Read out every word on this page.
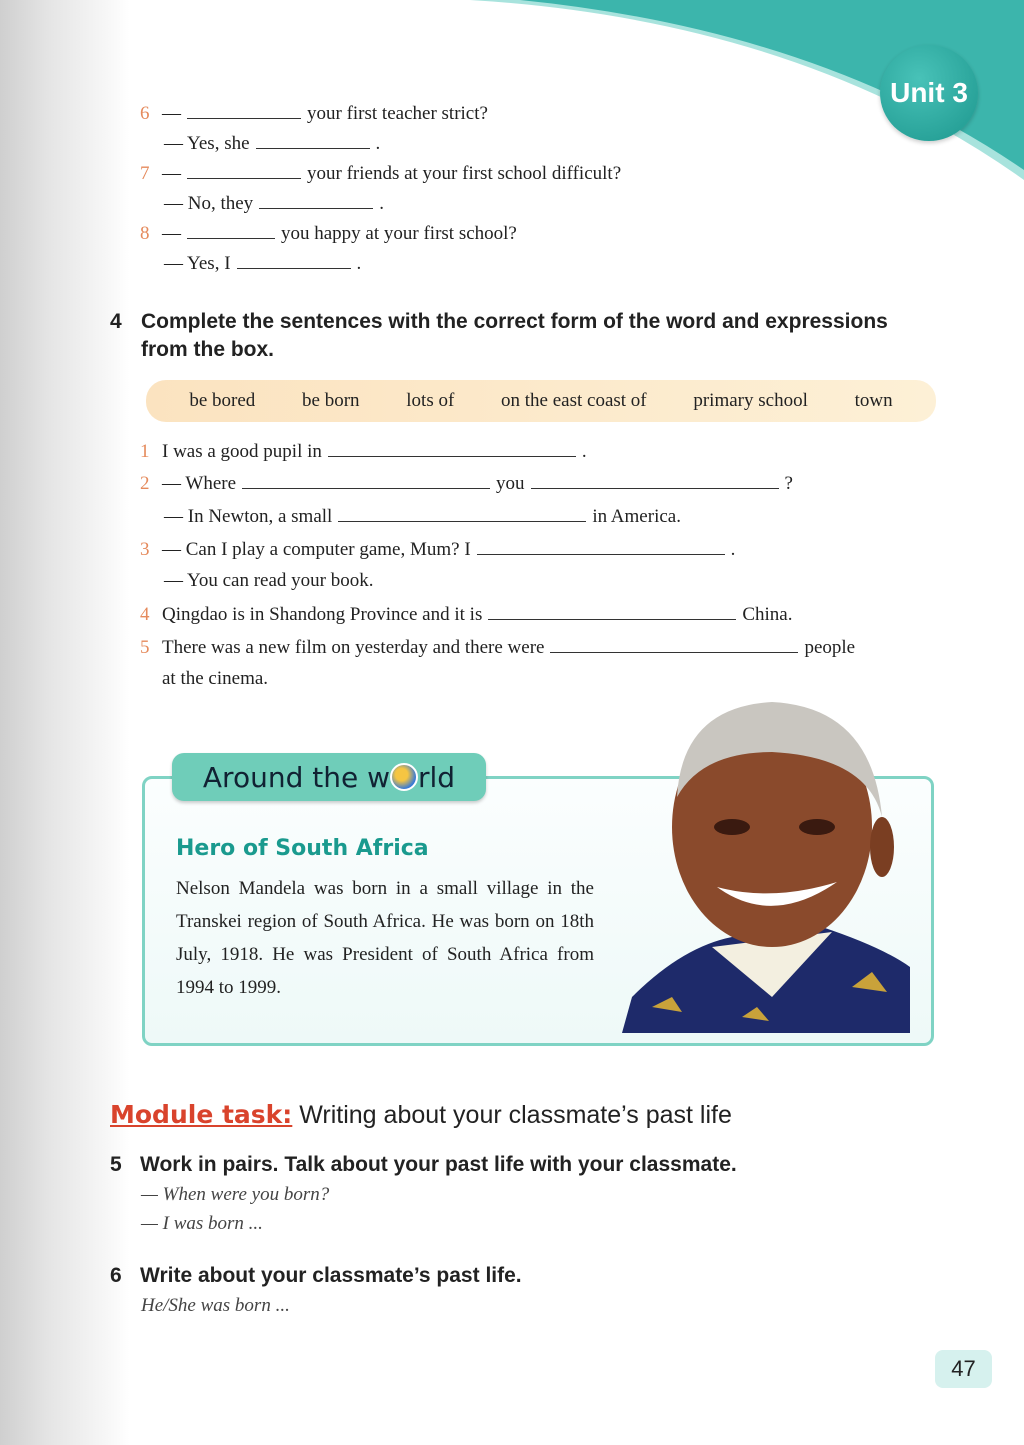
Unit 3
6 —	your first teacher strict?
— Yes, she	.
7 —	your friends at your first school difficult?
— No, they	.
8 —	you happy at your first school?
— Yes, I	.
4 Complete the sentences with the correct form of the word and expressions
from the box.
be bored be born lots of on the east coast of primary school town
1 I was a good pupil in	.
2 — Where	you	?
— In Newton, a small	in America.
3 — Can I play a computer game, Mum? I	.
— You can read your book.
4 Qingdao is in Shandong Province and it is	China.
5 There was a new film on yesterday and there were	people
at the cinema.
Around the w rld
Hero of South Africa
Nelson Mandela was born in a small village in the Transkei region of South Africa. He was born on 18th July, 1918. He was President of South Africa from 1994 to 1999.
Module task: Writing about your classmate’s past life
5 Work in pairs. Talk about your past life with your classmate.
— When were you born?
— I was born ...
6 Write about your classmate’s past life.
He/She was born ...
47
